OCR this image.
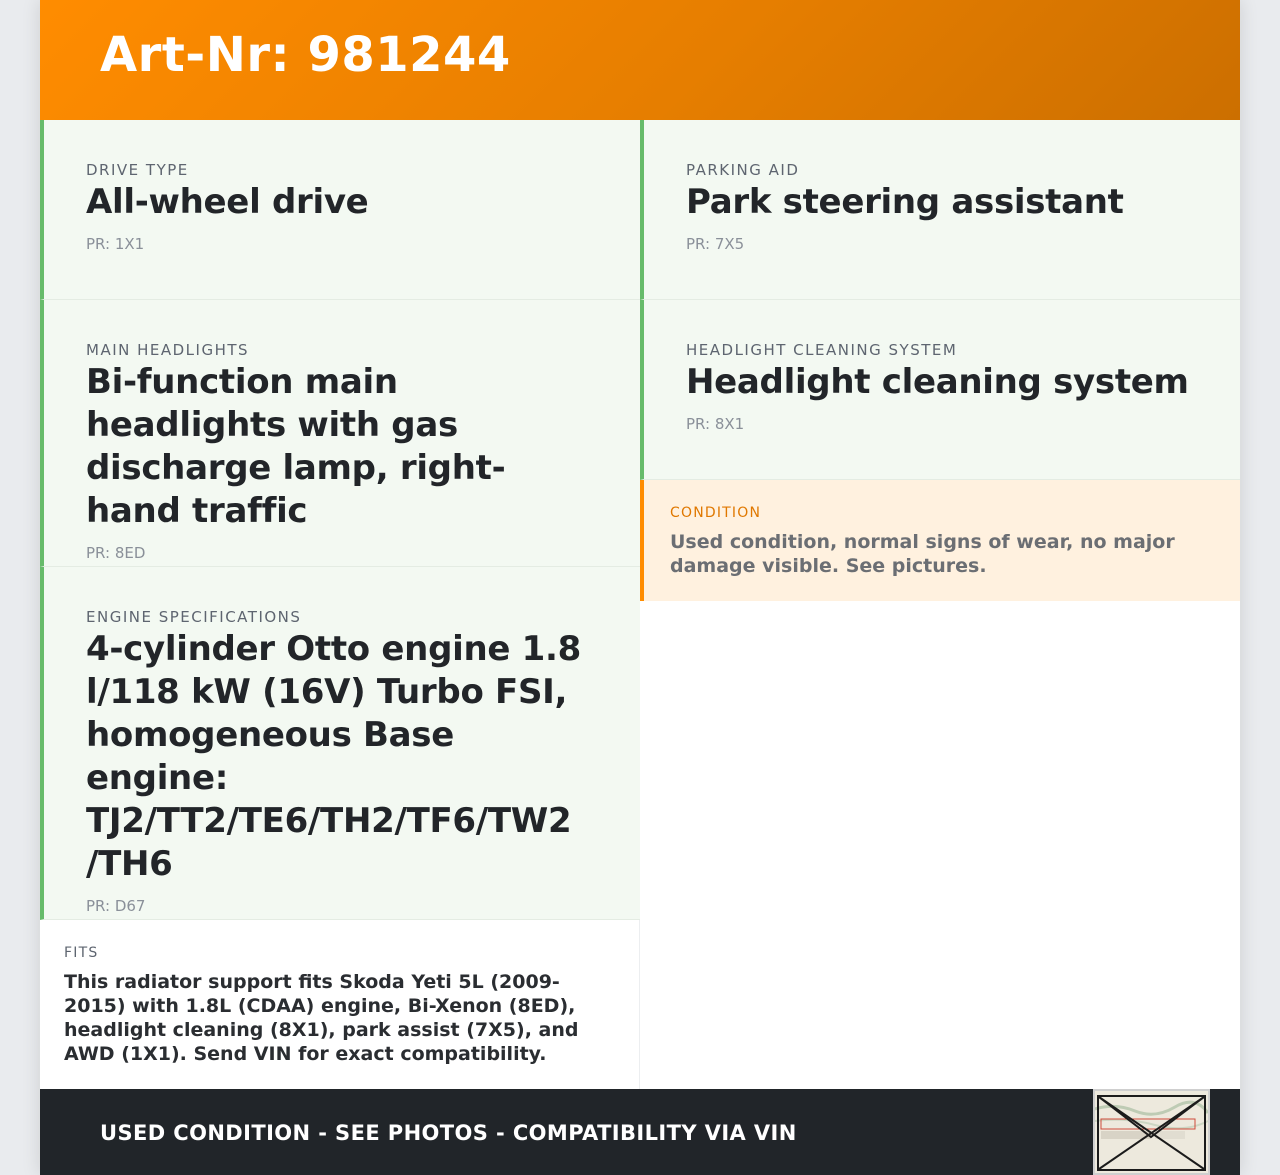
Art-Nr: 981244
DRIVE TYPE
All-wheel drive
PR: 1X1
PARKING AID
Park steering assistant
PR: 7X5
MAIN HEADLIGHTS
Bi-function main headlights with gas discharge lamp, right-hand traffic
PR: 8ED
HEADLIGHT CLEANING SYSTEM
Headlight cleaning system
PR: 8X1
ENGINE SPECIFICATIONS
4-cylinder Otto engine 1.8
l/118 kW (16V) Turbo FSI,
homogeneous Base engine:
TJ2/TT2/TE6/TH2/TF6/TW2
/TH6
PR: D67
CONDITION
Used condition, normal signs of wear, no major damage visible. See pictures.
FITS
This radiator support fits Skoda Yeti 5L (2009-2015) with 1.8L (CDAA) engine, Bi-Xenon (8ED), headlight cleaning (8X1), park assist (7X5), and AWD (1X1). Send VIN for exact compatibility.
USED CONDITION - SEE PHOTOS - COMPATIBILITY VIA VIN
